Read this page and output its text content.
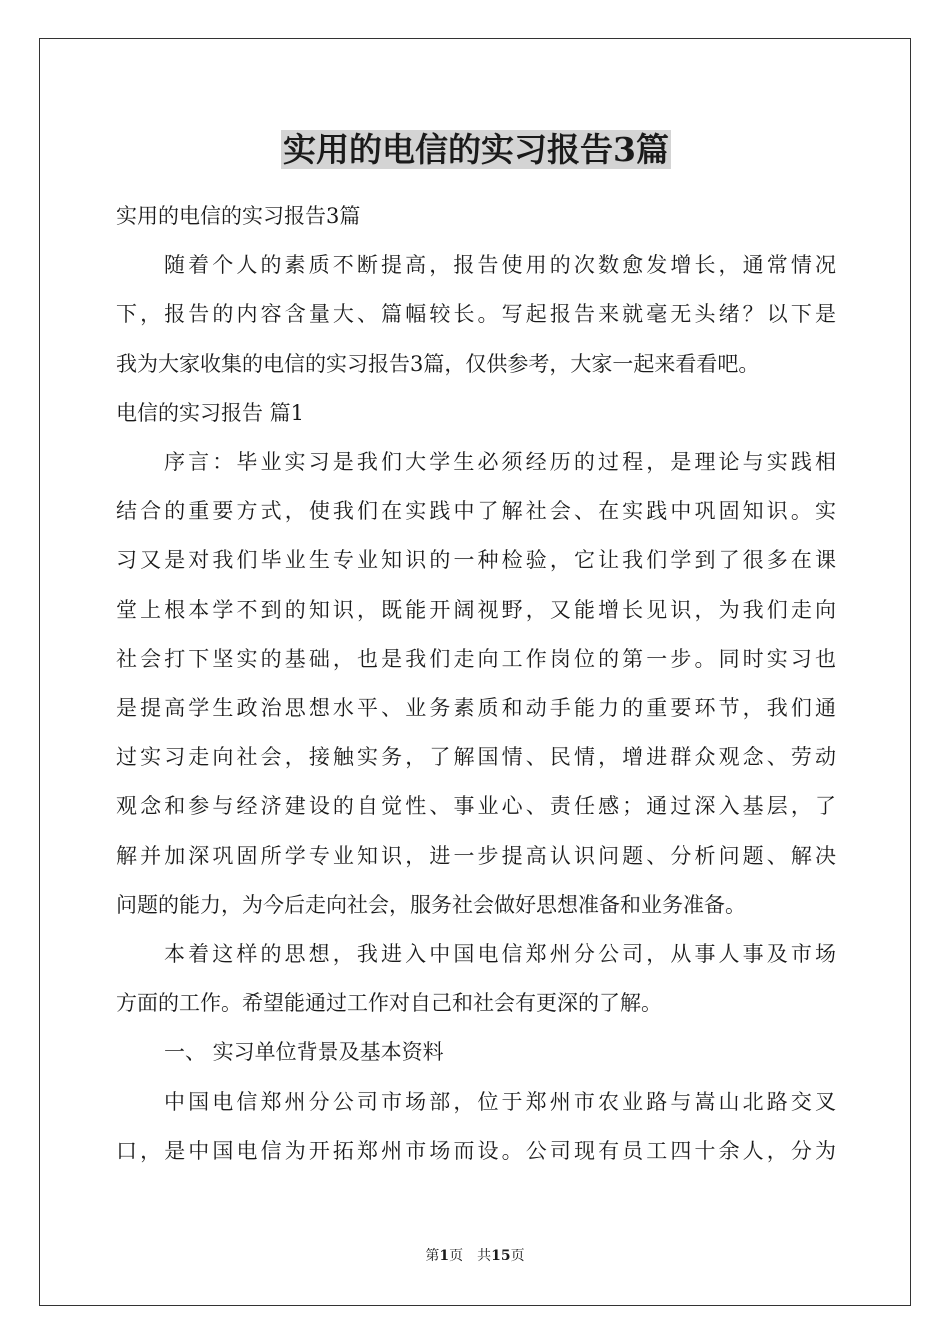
实用的电信的实习报告3篇

实用的电信的实习报告3篇

随着个人的素质不断提高，报告使用的次数愈发增长，通常情况

下，报告的内容含量大、篇幅较长。写起报告来就毫无头绪？以下是

我为大家收集的电信的实习报告3篇，仅供参考，大家一起来看看吧。

电信的实习报告 篇1

序言：毕业实习是我们大学生必须经历的过程，是理论与实践相

结合的重要方式，使我们在实践中了解社会、在实践中巩固知识。实

习又是对我们毕业生专业知识的一种检验，它让我们学到了很多在课

堂上根本学不到的知识，既能开阔视野，又能增长见识，为我们走向

社会打下坚实的基础，也是我们走向工作岗位的第一步。同时实习也

是提高学生政治思想水平、业务素质和动手能力的重要环节，我们通

过实习走向社会，接触实务，了解国情、民情，增进群众观念、劳动

观念和参与经济建设的自觉性、事业心、责任感；通过深入基层，了

解并加深巩固所学专业知识，进一步提高认识问题、分析问题、解决

问题的能力，为今后走向社会，服务社会做好思想准备和业务准备。

本着这样的思想，我进入中国电信郑州分公司，从事人事及市场

方面的工作。希望能通过工作对自己和社会有更深的了解。

一、 实习单位背景及基本资料

中国电信郑州分公司市场部，位于郑州市农业路与嵩山北路交叉

口，是中国电信为开拓郑州市场而设。公司现有员工四十余人，分为

第1页 共15页
